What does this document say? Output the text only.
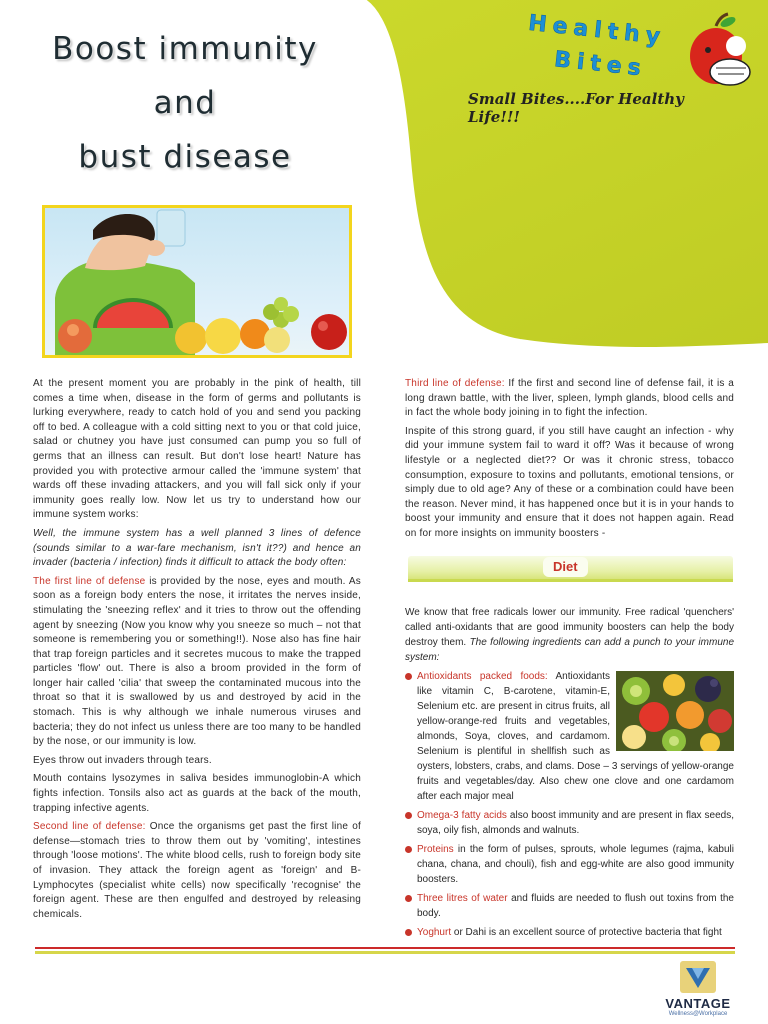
Boost immunity
and
bust disease
Healthy
Bites
Small Bites....For Healthy Life!!!

At the present moment you are probably in the pink of health, till comes a time when, disease in the form of germs and pollutants is lurking everywhere, ready to catch hold of you and send you packing off to bed. A colleague with a cold sitting next to you or that cold juice, salad or chutney you have just consumed can pump you so full of germs that an illness can result. But don't lose heart! Nature has provided you with protective armour called the 'immune system' that wards off these invading attackers, and you will fall sick only if your immunity goes really low. Now let us try to understand how our immune system works:

Well, the immune system has a well planned 3 lines of defence (sounds similar to a war-fare mechanism, isn't it??) and hence an invader (bacteria / infection) finds it difficult to attack the body often:

The first line of defense is provided by the nose, eyes and mouth. As soon as a foreign body enters the nose, it irritates the nerves inside, stimulating the 'sneezing reflex' and it tries to throw out the offending agent by sneezing (Now you know why you sneeze so much – not that someone is remembering you or something!!). Nose also has fine hair that trap foreign particles and it secretes mucous to make the trapped particles 'flow' out. There is also a broom provided in the form of longer hair called 'cilia' that sweep the contaminated mucous into the throat so that it is swallowed by us and destroyed by acid in the stomach. This is why although we inhale numerous viruses and bacteria; they do not infect us unless there are too many to be handled by the nose, or our immunity is low.

Eyes throw out invaders through tears.

Mouth contains lysozymes in saliva besides immunoglobin-A which fights infection. Tonsils also act as guards at the back of the mouth, trapping infective agents.

Second line of defense: Once the organisms get past the first line of defense—stomach tries to throw them out by 'vomiting', intestines through 'loose motions'. The white blood cells, rush to foreign body site of invasion. They attack the foreign agent as 'foreign' and B-Lymphocytes (specialist white cells) now specifically 'recognise' the foreign agent. These are then engulfed and destroyed by releasing chemicals.

Third line of defense: If the first and second line of defense fail, it is a long drawn battle, with the liver, spleen, lymph glands, blood cells and in fact the whole body joining in to fight the infection.

Inspite of this strong guard, if you still have caught an infection - why did your immune system fail to ward it off? Was it because of wrong lifestyle or a neglected diet?? Or was it chronic stress, tobacco consumption, exposure to toxins and pollutants, emotional tensions, or simply due to old age? Any of these or a combination could have been the reason. Never mind, it has happened once but it is in your hands to boost your immunity and ensure that it does not happen again. Read on for more insights on immunity boosters -

Diet
We know that free radicals lower our immunity. Free radical 'quenchers' called anti-oxidants that are good immunity boosters can help the body destroy them. The following ingredients can add a punch to your immune system:
Antioxidants packed foods: Antioxidants like vitamin C, B-carotene, vitamin-E, Selenium etc. are present in citrus fruits, all yellow-orange-red fruits and vegetables, almonds, Soya, cloves, and cardamom. Selenium is plentiful in shellfish such as oysters, lobsters, crabs, and clams. Dose – 3 servings of yellow-orange fruits and vegetables/day. Also chew one clove and one cardamom after each major meal
Omega-3 fatty acids also boost immunity and are present in flax seeds, soya, oily fish, almonds and walnuts.
Proteins in the form of pulses, sprouts, whole legumes (rajma, kabuli chana, chana, and chouli), fish and egg-white are also good immunity boosters.
Three litres of water and fluids are needed to flush out toxins from the body.
Yoghurt or Dahi is an excellent source of protective bacteria that fight
VANTAGE
Wellness@Workplace
